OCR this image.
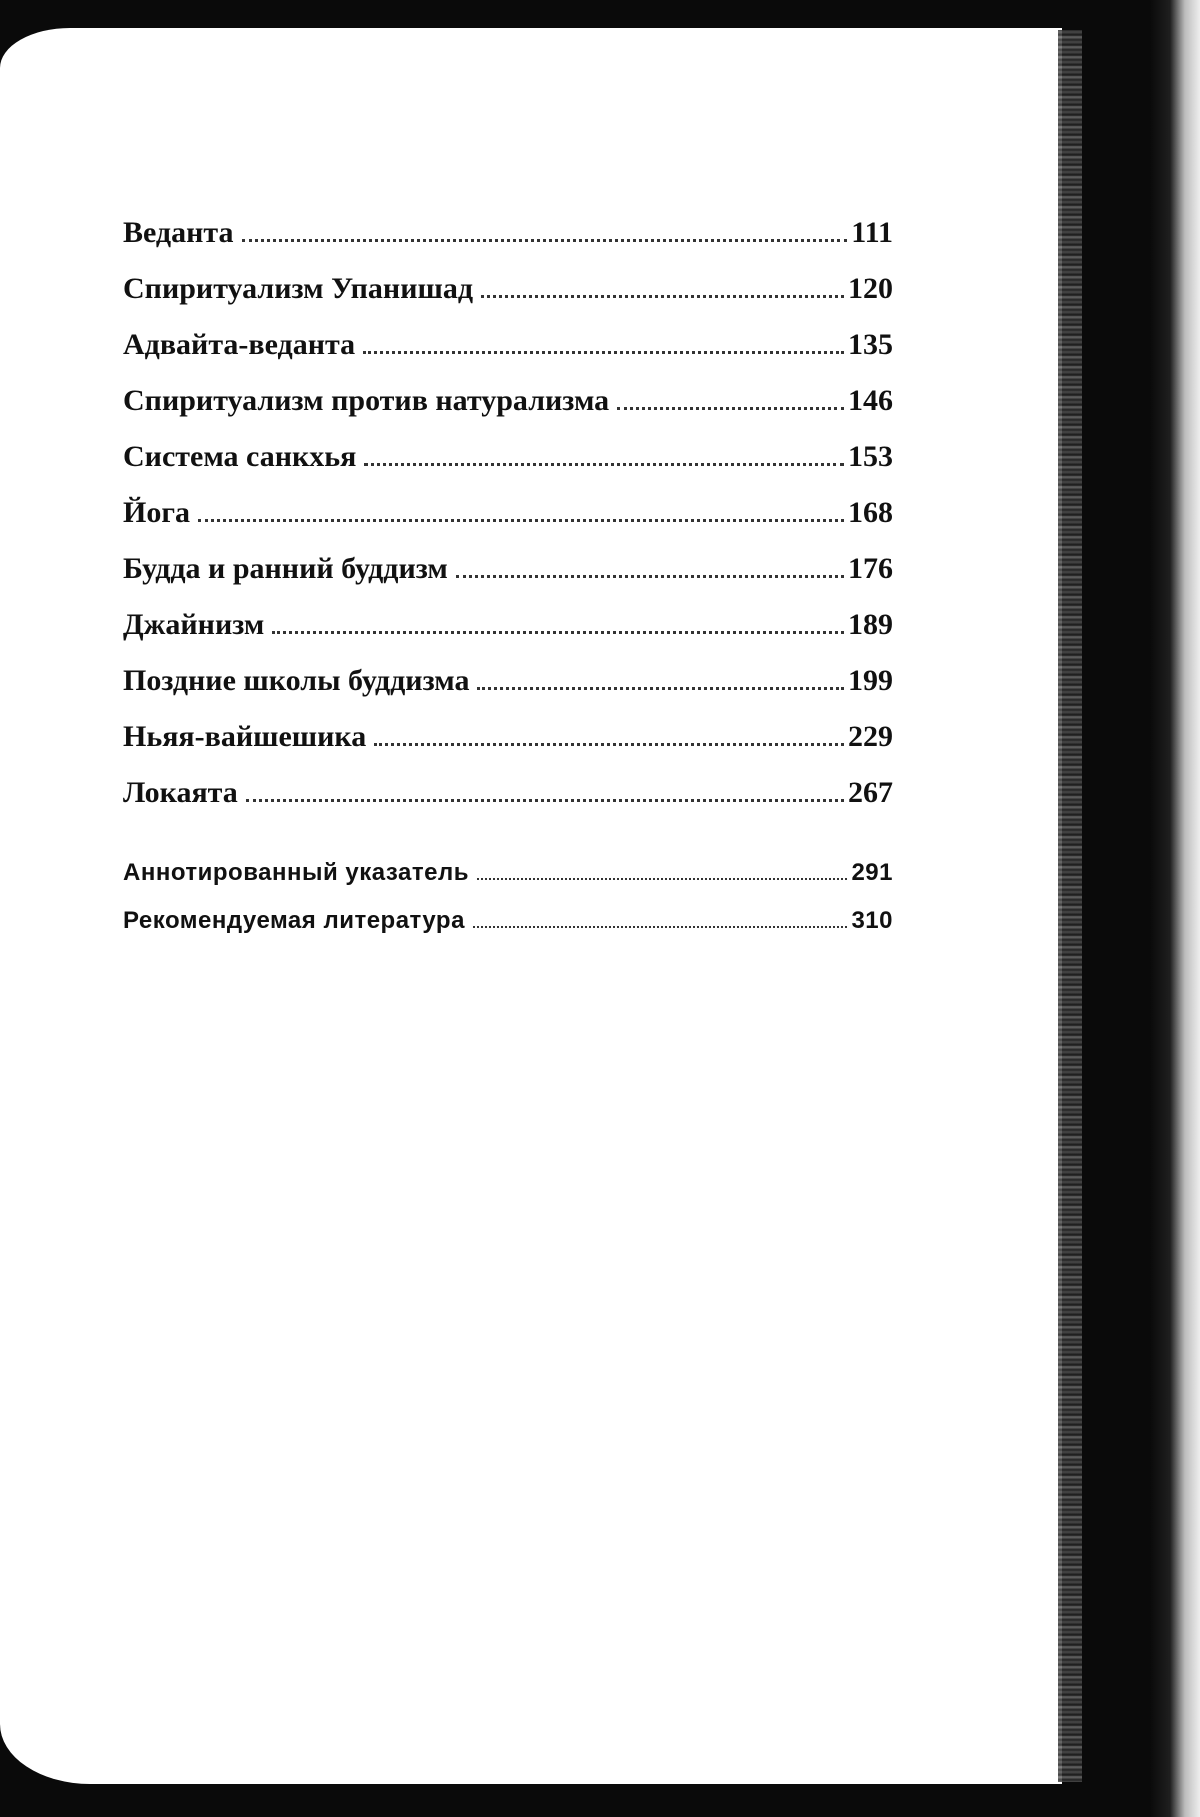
Веданта	111
Спиритуализм Упанишад	120
Адвайта-веданта	135
Спиритуализм против натурализма	146
Система санкхья	153
Йога	168
Будда и ранний буддизм	176
Джайнизм	189
Поздние школы буддизма	199
Ньяя-вайшешика	229
Локаята	267
Аннотированный указатель	291
Рекомендуемая литература	310
